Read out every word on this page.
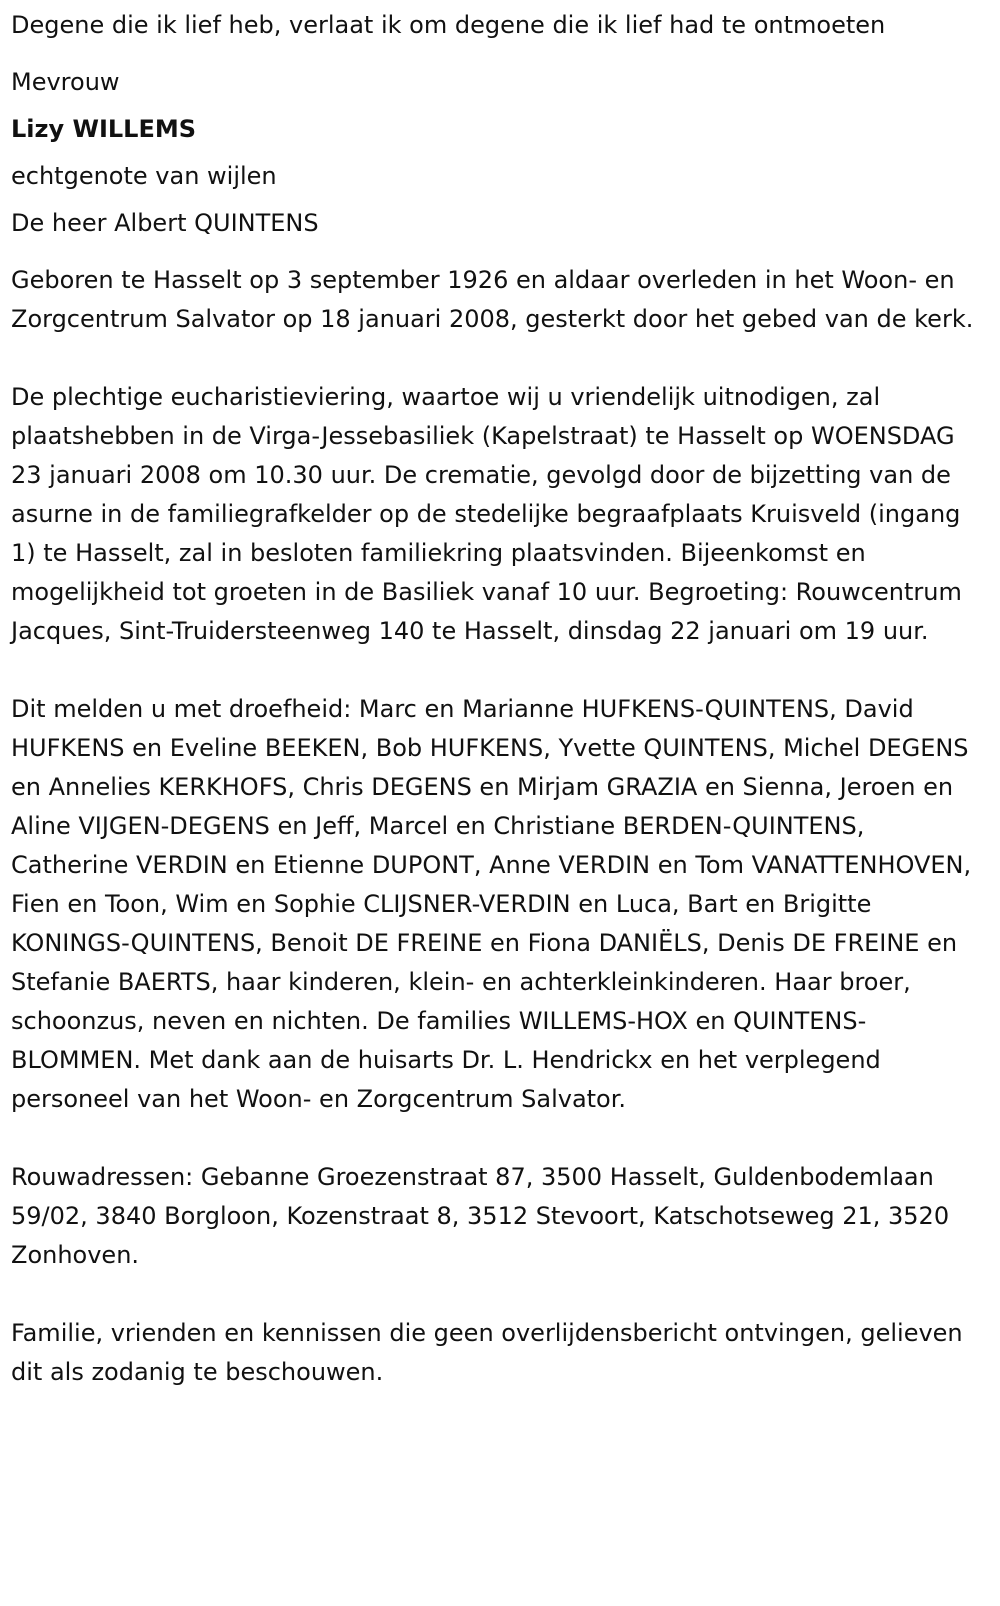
Degene die ik lief heb, verlaat ik om degene die ik lief had te ontmoeten

Mevrouw

Lizy WILLEMS

echtgenote van wijlen

De heer Albert QUINTENS

Geboren te Hasselt op 3 september 1926 en aldaar overleden in het Woon- en Zorgcentrum Salvator op 18 januari 2008, gesterkt door het gebed van de kerk.

De plechtige eucharistieviering, waartoe wij u vriendelijk uitnodigen, zal plaatshebben in de Virga-Jessebasiliek (Kapelstraat) te Hasselt op WOENSDAG 23 januari 2008 om 10.30 uur. De crematie, gevolgd door de bijzetting van de asurne in de familiegrafkelder op de stedelijke begraafplaats Kruisveld (ingang 1) te Hasselt, zal in besloten familiekring plaatsvinden. Bijeenkomst en mogelijkheid tot groeten in de Basiliek vanaf 10 uur. Begroeting: Rouwcentrum Jacques, Sint-Truidersteenweg 140 te Hasselt, dinsdag 22 januari om 19 uur.

Dit melden u met droefheid: Marc en Marianne HUFKENS-QUINTENS, David HUFKENS en Eveline BEEKEN, Bob HUFKENS, Yvette QUINTENS, Michel DEGENS en Annelies KERKHOFS, Chris DEGENS en Mirjam GRAZIA en Sienna, Jeroen en Aline VIJGEN-DEGENS en Jeff, Marcel en Christiane BERDEN-QUINTENS, Catherine VERDIN en Etienne DUPONT, Anne VERDIN en Tom VANATTENHOVEN, Fien en Toon, Wim en Sophie CLIJSNER-VERDIN en Luca, Bart en Brigitte KONINGS-QUINTENS, Benoit DE FREINE en Fiona DANIËLS, Denis DE FREINE en Stefanie BAERTS, haar kinderen, klein- en achterkleinkinderen. Haar broer, schoonzus, neven en nichten. De families WILLEMS-HOX en QUINTENS-BLOMMEN. Met dank aan de huisarts Dr. L. Hendrickx en het verplegend personeel van het Woon- en Zorgcentrum Salvator.

Rouwadressen: Gebanne Groezenstraat 87, 3500 Hasselt, Guldenbodemlaan 59/02, 3840 Borgloon, Kozenstraat 8, 3512 Stevoort, Katschotseweg 21, 3520 Zonhoven.

Familie, vrienden en kennissen die geen overlijdensbericht ontvingen, gelieven dit als zodanig te beschouwen.
